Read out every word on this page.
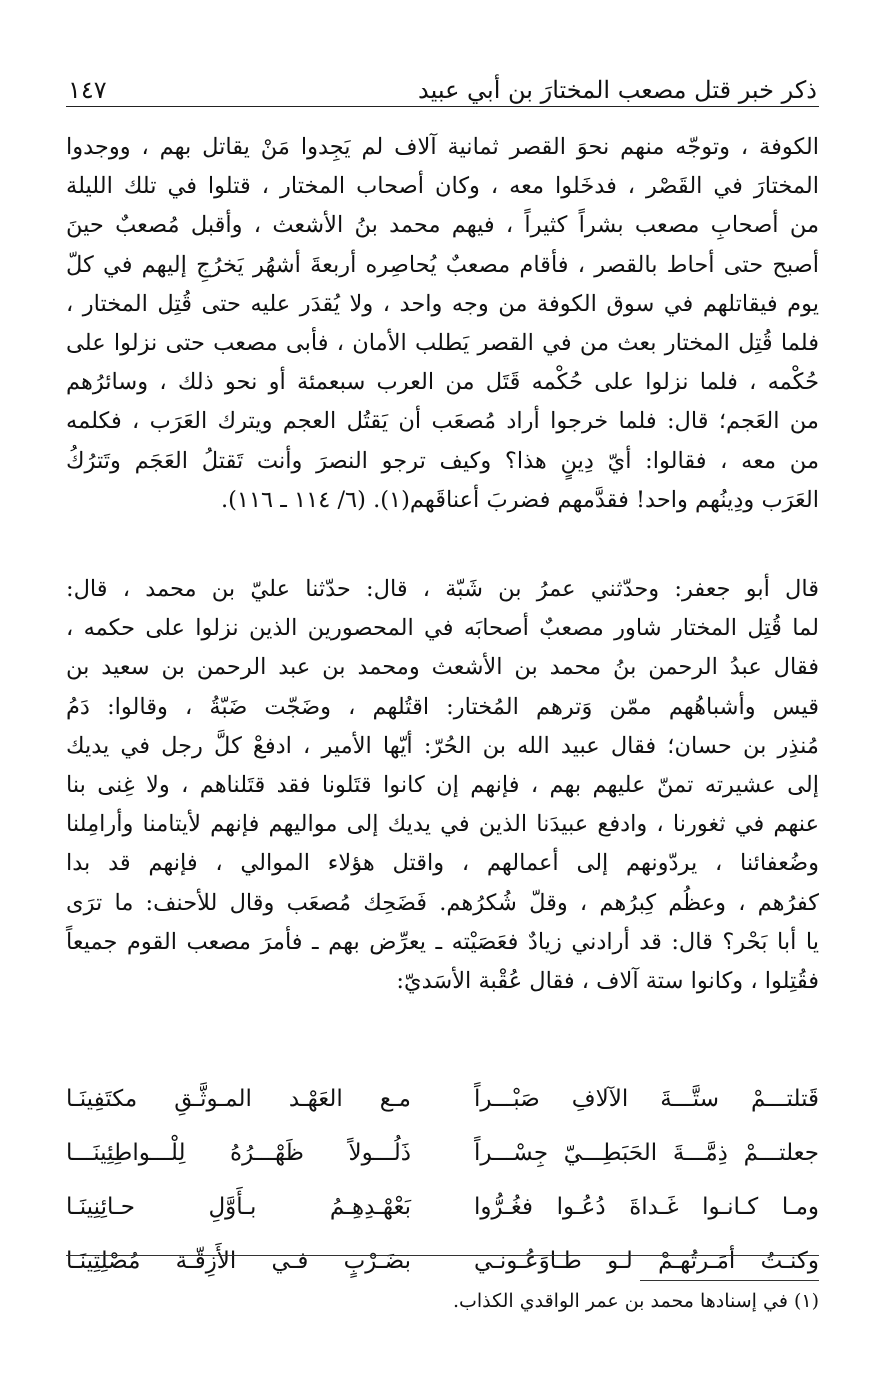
ذكر خبر قتل مصعب المختارَ بن أبي عبيد
١٤٧
الكوفة ، وتوجّه منهم نحوَ القصر ثمانية آلاف لم يَجِدوا مَنْ يقاتل بهم ، ووجدوا
المختارَ في القَصْر ، فدخَلوا معه ، وكان أصحاب المختار ، قتلوا في تلك الليلة
من أصحابِ مصعب بشراً كثيراً ، فيهم محمد بنُ الأشعث ، وأقبل مُصعبٌ حينَ
أصبح حتى أحاط بالقصر ، فأقام مصعبٌ يُحاصِره أربعةَ أشهُر يَخرُجِ إليهم في كلّ
يوم فيقاتلهم في سوق الكوفة من وجه واحد ، ولا يُقدَر عليه حتى قُتِل المختار ،
فلما قُتِل المختار بعث من في القصر يَطلب الأمان ، فأبى مصعب حتى نزلوا على
حُكْمه ، فلما نزلوا على حُكْمه قَتَل من العرب سبعمئة أو نحو ذلك ، وسائرُهم
من العَجم؛ قال: فلما خرجوا أراد مُصعَب أن يَقتُل العجم ويترك العَرَب ، فكلمه
من معه ، فقالوا: أيّ دِينٍ هذا؟ وكيف ترجو النصرَ وأنت تَقتلُ العَجَم وتَترُكُ
العَرَب ودِينُهم واحد! فقدَّمهم فضربَ أعناقَهم(١). (٦/ ١١٤ ـ ١١٦).
قال أبو جعفر: وحدّثني عمرُ بن شَبّة ، قال: حدّثنا عليّ بن محمد ، قال:
لما قُتِل المختار شاور مصعبٌ أصحابَه في المحصورين الذين نزلوا على حكمه ،
فقال عبدُ الرحمن بنُ محمد بن الأشعث ومحمد بن عبد الرحمن بن سعيد بن
قيس وأشباهُهم ممّن وَترهم المُختار: اقتُلهم ، وضَجّت ضَبّةُ ، وقالوا: دَمُ
مُنذِر بن حسان؛ فقال عبيد الله بن الحُرّ: أيّها الأمير ، ادفعْ كلَّ رجل في يديك
إلى عشيرته تمنّ عليهم بهم ، فإنهم إن كانوا قتَلونا فقد قتَلناهم ، ولا غِنى بنا
عنهم في ثغورنا ، وادفع عبيدَنا الذين في يديك إلى مواليهم فإنهم لأيتامنا وأرامِلنا
وضُعفائنا ، يردّونهم إلى أعمالهم ، واقتل هؤلاء الموالي ، فإنهم قد بدا
كفرُهم ، وعظُم كِبرُهم ، وقلّ شُكرُهم. فَضَحِك مُصعَب وقال للأحنف: ما ترَى
يا أبا بَحْر؟ قال: قد أرادني زيادٌ فعَصَيْته ـ يعرِّض بهم ـ فأمرَ مصعب القوم جميعاً
فقُتِلوا ، وكانوا ستة آلاف ، فقال عُقْبة الأسَديّ:
قَتلتـــمْ ستَّـــةَ الآلافِ صَبْـــراً
مـع العَهْـد المـوثَّـقِ مكتَفِينَـا
جعلتـــمْ ذِمَّـــةَ الحَبَطِـــيّ جِسْـــراً
ذَلُـــولاً ظَهْـــرُهُ لِلْـــواطِئِينَـــا
ومـا كـانـوا غَـداةَ دُعُـوا فغُـرُّوا
بَعْهْـدِهِـمُ بـأَوَّلِ حـائِنِينَـا
وكنـتُ أمَـرتُهـمْ لـو طـاوَعُـونـي
بضَـرْبٍ فـي الأَزِقّـة مُصْلِتِينَـا
(١) في إسنادها محمد بن عمر الواقدي الكذاب.
